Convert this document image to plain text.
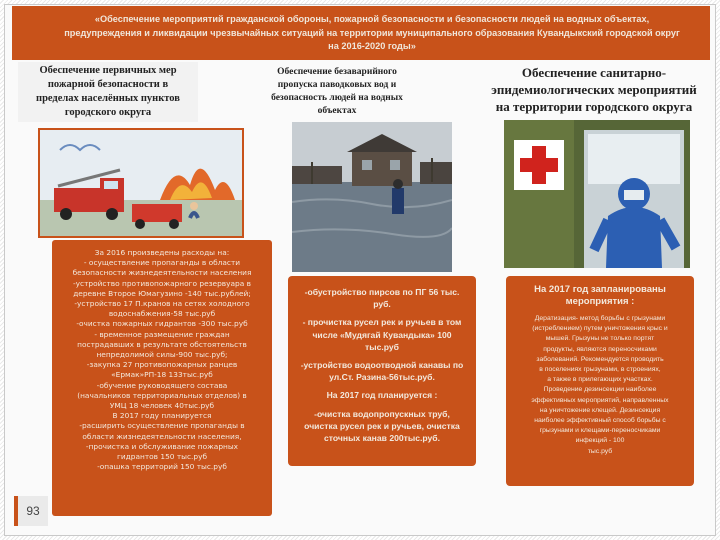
«Обеспечение мероприятий гражданской обороны, пожарной безопасности и безопасности людей на водных объектах,
предупреждения и ликвидации чрезвычайных ситуаций на территории муниципального образования Кувандыкский городской округ
на 2016-2020 годы»
Обеспечение первичных мер
пожарной безопасности в
пределах населённых пунктов
городского округа
Обеспечение безаварийного
пропуска паводковых вод и
безопасность людей на водных
объектах
Обеспечение санитарно-
эпидемиологических мероприятий
на территории городского округа
За 2016 произведены расходы на:
- осуществление пропаганды в области
безопасности жизнедеятельности населения
-устройство противопожарного резервуара в
деревне Второе Юмагузино -140 тыс.рублей;
-устройство 17 П.кранов на сетях холодного
водоснабжения-58 тыс.руб
-очистка пожарных гидрантов -300 тыс.руб
- временное размещение граждан
пострадавших в результате обстоятельств
непредолимой силы-900 тыс.руб;
-закупка 27 противопожарных ранцев
«Ермак»РП-18 133тыс.руб
-обучение руководящего состава
(начальников территориальных отделов) в
УМЦ 18 человек 40тыс.руб
В 2017 году планируется
-расширить осуществление пропаганды в
области жизнедеятельности населения,
-прочистка и обслуживание пожарных
гидрантов 150 тыс.руб
-опашка территорий 150 тыс.руб
-обустройство пирсов по ПГ 56 тыс.
руб.
- прочистка русел рек и ручьев в том
числе «Мудягай Кувандыка» 100
тыс.руб
-устройство водоотводной канавы по
ул.Ст. Разина-56тыс.руб.
На 2017 год планируется :
-очистка водопропускных труб,
очистка русел рек и ручьев, очистка
сточных канав 200тыс.руб.
На 2017 год запланированы
мероприятия :
Дератизация- метод борьбы с грызунами
(истреблением) путем уничтожения крыс и
мышей. Грызуны не только портят
продукты, являются переносчиками
заболеваний. Рекомендуется проводить
в поселениях грызунами, в строениях,
а также в прилегающих участках.
Проведение дезинсекции наиболее
эффективных мероприятий, направленных
на уничтожение клещей. Дезинсекция
наиболее эффективный способ борьбы с
грызунами и клещами-переносчиками
инфекций - 100
тыс.руб
93
